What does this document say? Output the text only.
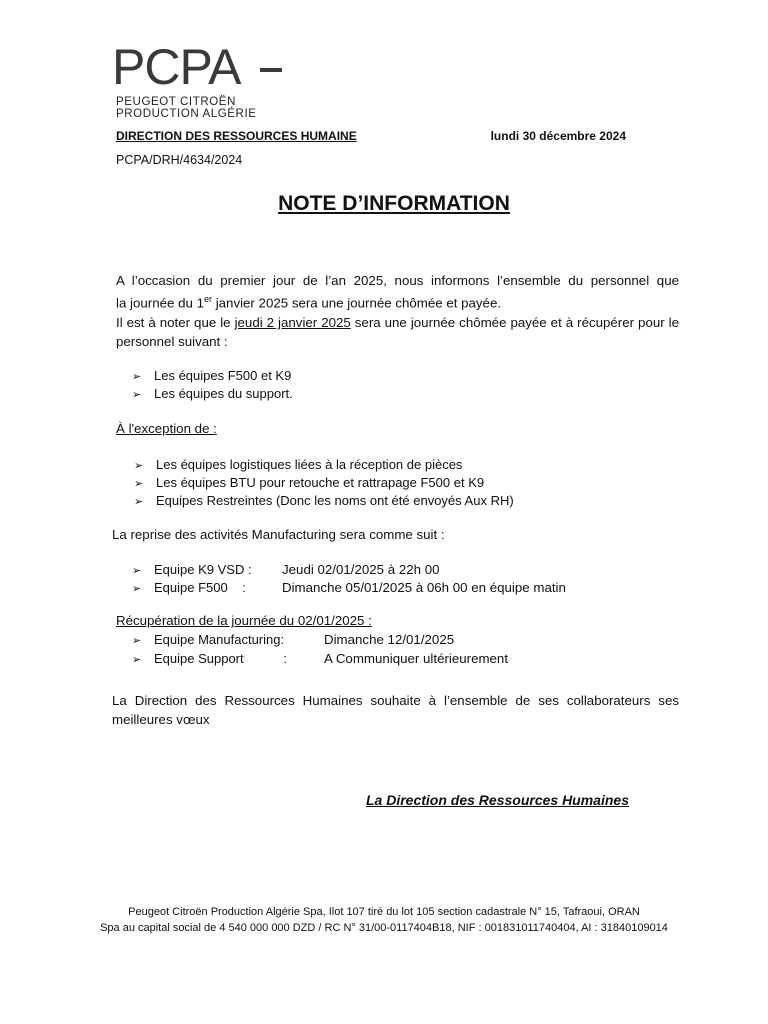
PCPA
PEUGEOT CITROËN
PRODUCTION ALGÉRIE
DIRECTION DES RESSOURCES HUMAINE	lundi 30 décembre 2024
PCPA/DRH/4634/2024
NOTE D’INFORMATION
A l’occasion du premier jour de l’an 2025, nous informons l’ensemble du personnel que
la journée du 1er janvier 2025 sera une journée chômée et payée.
Il est à noter que le jeudi 2 janvier 2025 sera une journée chômée payée et à récupérer pour le personnel suivant :
➢ Les équipes F500 et K9
➢ Les équipes du support.
À l'exception de :
➢ Les équipes logistiques liées à la réception de pièces
➢ Les équipes BTU pour retouche et rattrapage F500 et K9
➢ Equipes Restreintes (Donc les noms ont été envoyés Aux RH)
La reprise des activités Manufacturing sera comme suit :
➢ Equipe K9 VSD : Jeudi 02/01/2025 à 22h 00
➢ Equipe F500    :	Dimanche 05/01/2025 à 06h 00 en équipe matin
Récupération de la journée du 02/01/2025 :
➢ Equipe Manufacturing:	Dimanche 12/01/2025
➢ Equipe Support           :	A Communiquer ultérieurement
La Direction des Ressources Humaines souhaite à l’ensemble de ses collaborateurs ses meilleures vœux
La Direction des Ressources Humaines
Peugeot Citroën Production Algérie Spa, Ilot 107 tiré du lot 105 section cadastrale N° 15, Tafraoui, ORAN
Spa au capital social de 4 540 000 000 DZD / RC N° 31/00-0117404B18, NIF : 001831011740404, AI : 31840109014
